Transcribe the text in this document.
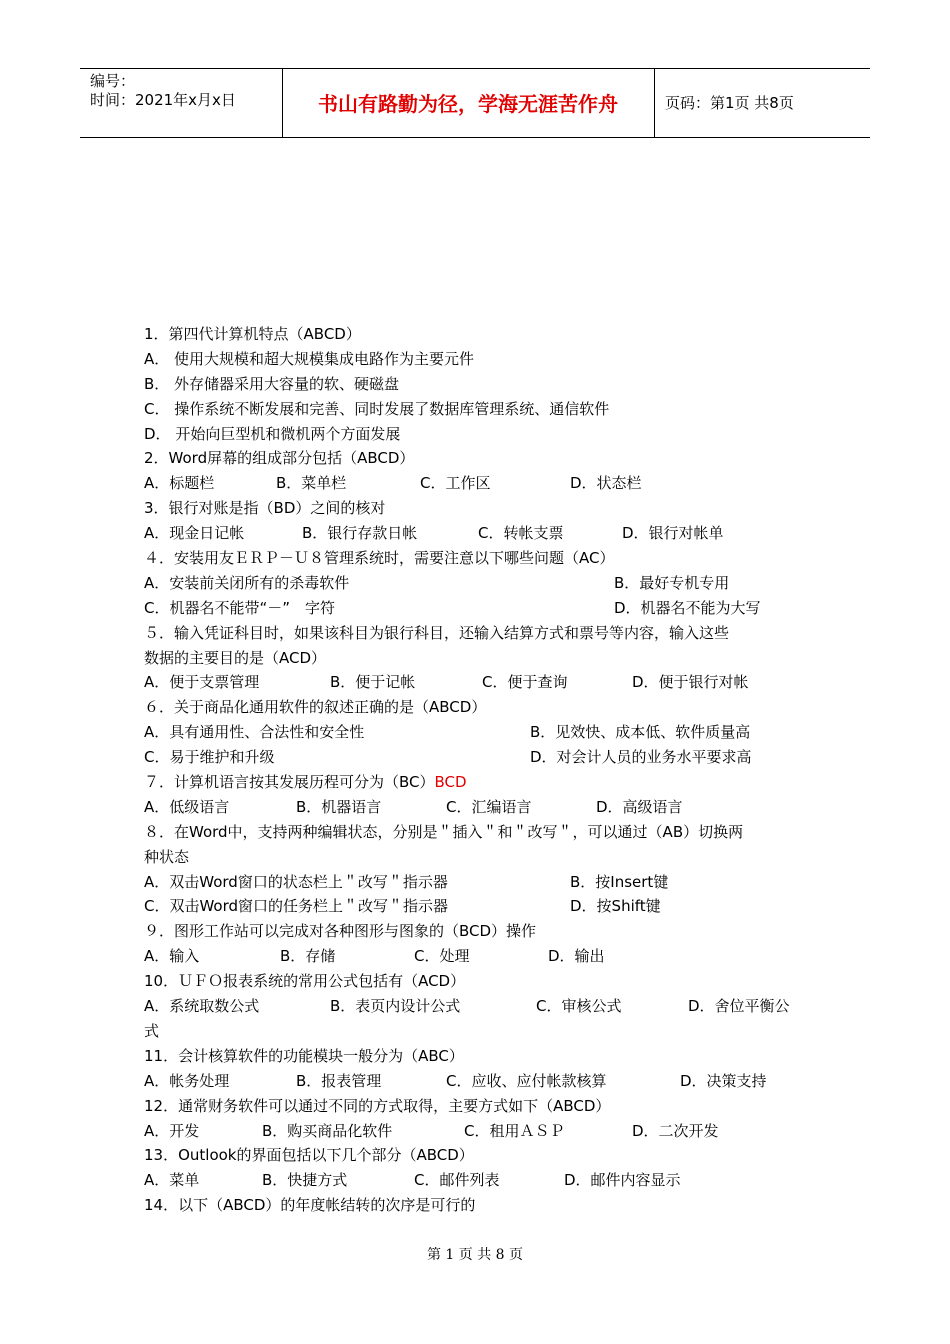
编号：
时间：2021年x月x日	书山有路勤为径，学海无涯苦作舟	页码：第1页 共8页
1．第四代计算机特点（ABCD）
A． 使用大规模和超大规模集成电路作为主要元件
B． 外存储器采用大容量的软、硬磁盘
C． 操作系统不断发展和完善、同时发展了数据库管理系统、通信软件
D． 开始向巨型机和微机两个方面发展
2．Word屏幕的组成部分包括（ABCD）
A．标题栏	B．菜单栏	C．工作区	D．状态栏
3．银行对账是指（BD）之间的核对
A．现金日记帐	B．银行存款日帐	C．转帐支票	D．银行对帐单
４．安装用友ＥＲＰ－Ｕ８管理系统时，需要注意以下哪些问题（AC）
A．安装前关闭所有的杀毒软件	B．最好专机专用
C．机器名不能带“－”　字符	D．机器名不能为大写
５．输入凭证科目时，如果该科目为银行科目，还输入结算方式和票号等内容，输入这些
数据的主要目的是（ACD）
A．便于支票管理	B．便于记帐	C．便于查询	D．便于银行对帐
６．关于商品化通用软件的叙述正确的是（ABCD）
A．具有通用性、合法性和安全性	B．见效快、成本低、软件质量高
C．易于维护和升级	D．对会计人员的业务水平要求高
７．计算机语言按其发展历程可分为（BC）BCD
A．低级语言	B．机器语言	C．汇编语言	D．高级语言
８．在Word中，支持两种编辑状态，分别是＂插入＂和＂改写＂，可以通过（AB）切换两
种状态
A．双击Word窗口的状态栏上＂改写＂指示器	B．按Insert键
C．双击Word窗口的任务栏上＂改写＂指示器	D．按Shift键
９．图形工作站可以完成对各种图形与图象的（BCD）操作
A．输入	B．存储	C．处理	D．输出
10．ＵＦＯ报表系统的常用公式包括有（ACD）
A．系统取数公式	B．表页内设计公式	C．审核公式	D．舍位平衡公
式
11．会计核算软件的功能模块一般分为（ABC）
A．帐务处理	B．报表管理	C．应收、应付帐款核算	D．决策支持
12．通常财务软件可以通过不同的方式取得，主要方式如下（ABCD）
A．开发	B．购买商品化软件	C．租用ＡＳＰ	D．二次开发
13．Outlook的界面包括以下几个部分（ABCD）
A．菜单	B．快捷方式	C．邮件列表	D．邮件内容显示
14．以下（ABCD）的年度帐结转的次序是可行的
第 1 页 共 8 页
